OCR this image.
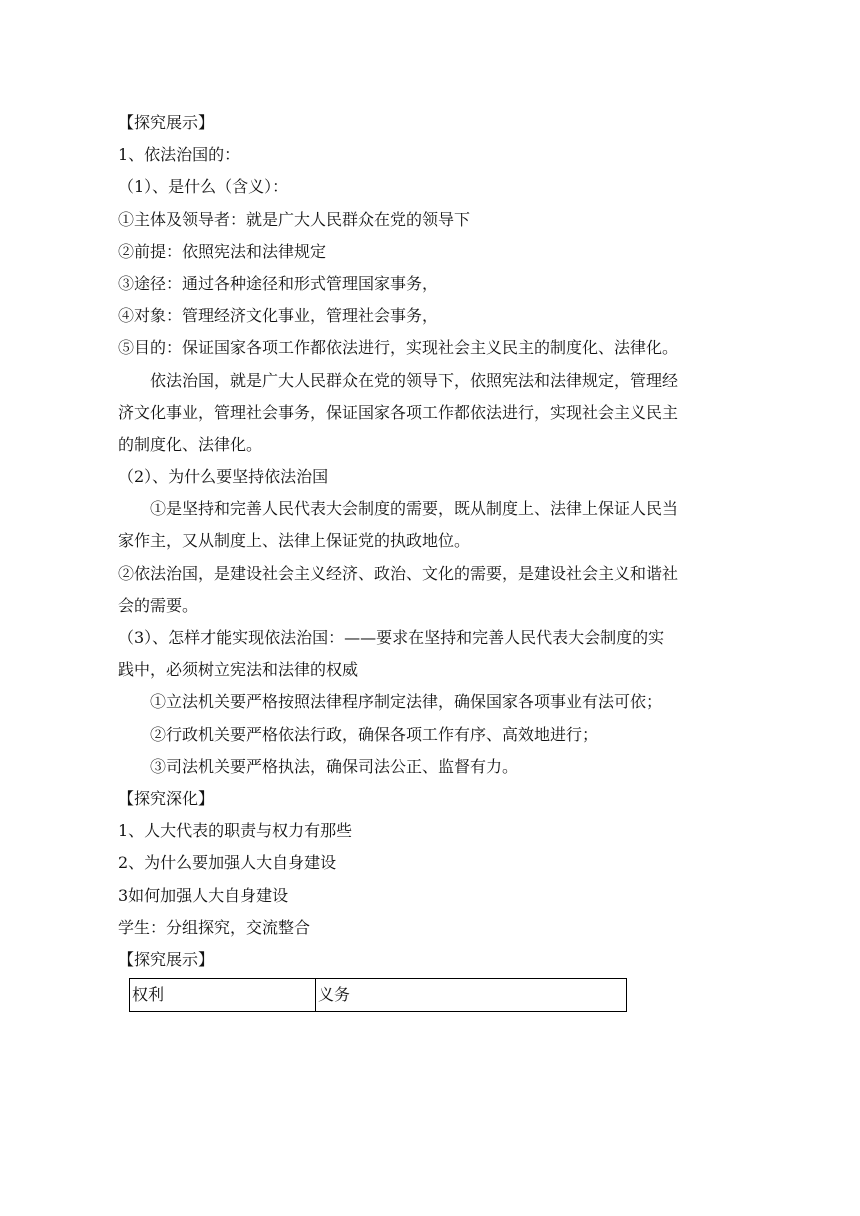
【探究展示】
1、依法治国的：
（1）、是什么（含义）：
①主体及领导者：就是广大人民群众在党的领导下
②前提：依照宪法和法律规定
③途径：通过各种途径和形式管理国家事务，
④对象：管理经济文化事业，管理社会事务，
⑤目的：保证国家各项工作都依法进行，实现社会主义民主的制度化、法律化。
依法治国，就是广大人民群众在党的领导下，依照宪法和法律规定，管理经
济文化事业，管理社会事务，保证国家各项工作都依法进行，实现社会主义民主
的制度化、法律化。
（2）、为什么要坚持依法治国
①是坚持和完善人民代表大会制度的需要，既从制度上、法律上保证人民当
家作主，又从制度上、法律上保证党的执政地位。
②依法治国，是建设社会主义经济、政治、文化的需要，是建设社会主义和谐社
会的需要。
（3）、怎样才能实现依法治国：——要求在坚持和完善人民代表大会制度的实
践中，必须树立宪法和法律的权威
①立法机关要严格按照法律程序制定法律，确保国家各项事业有法可依；
②行政机关要严格依法行政，确保各项工作有序、高效地进行；
③司法机关要严格执法，确保司法公正、监督有力。
【探究深化】
1、人大代表的职责与权力有那些
2、为什么要加强人大自身建设
3如何加强人大自身建设
学生：分组探究，交流整合
【探究展示】
权利	义务
